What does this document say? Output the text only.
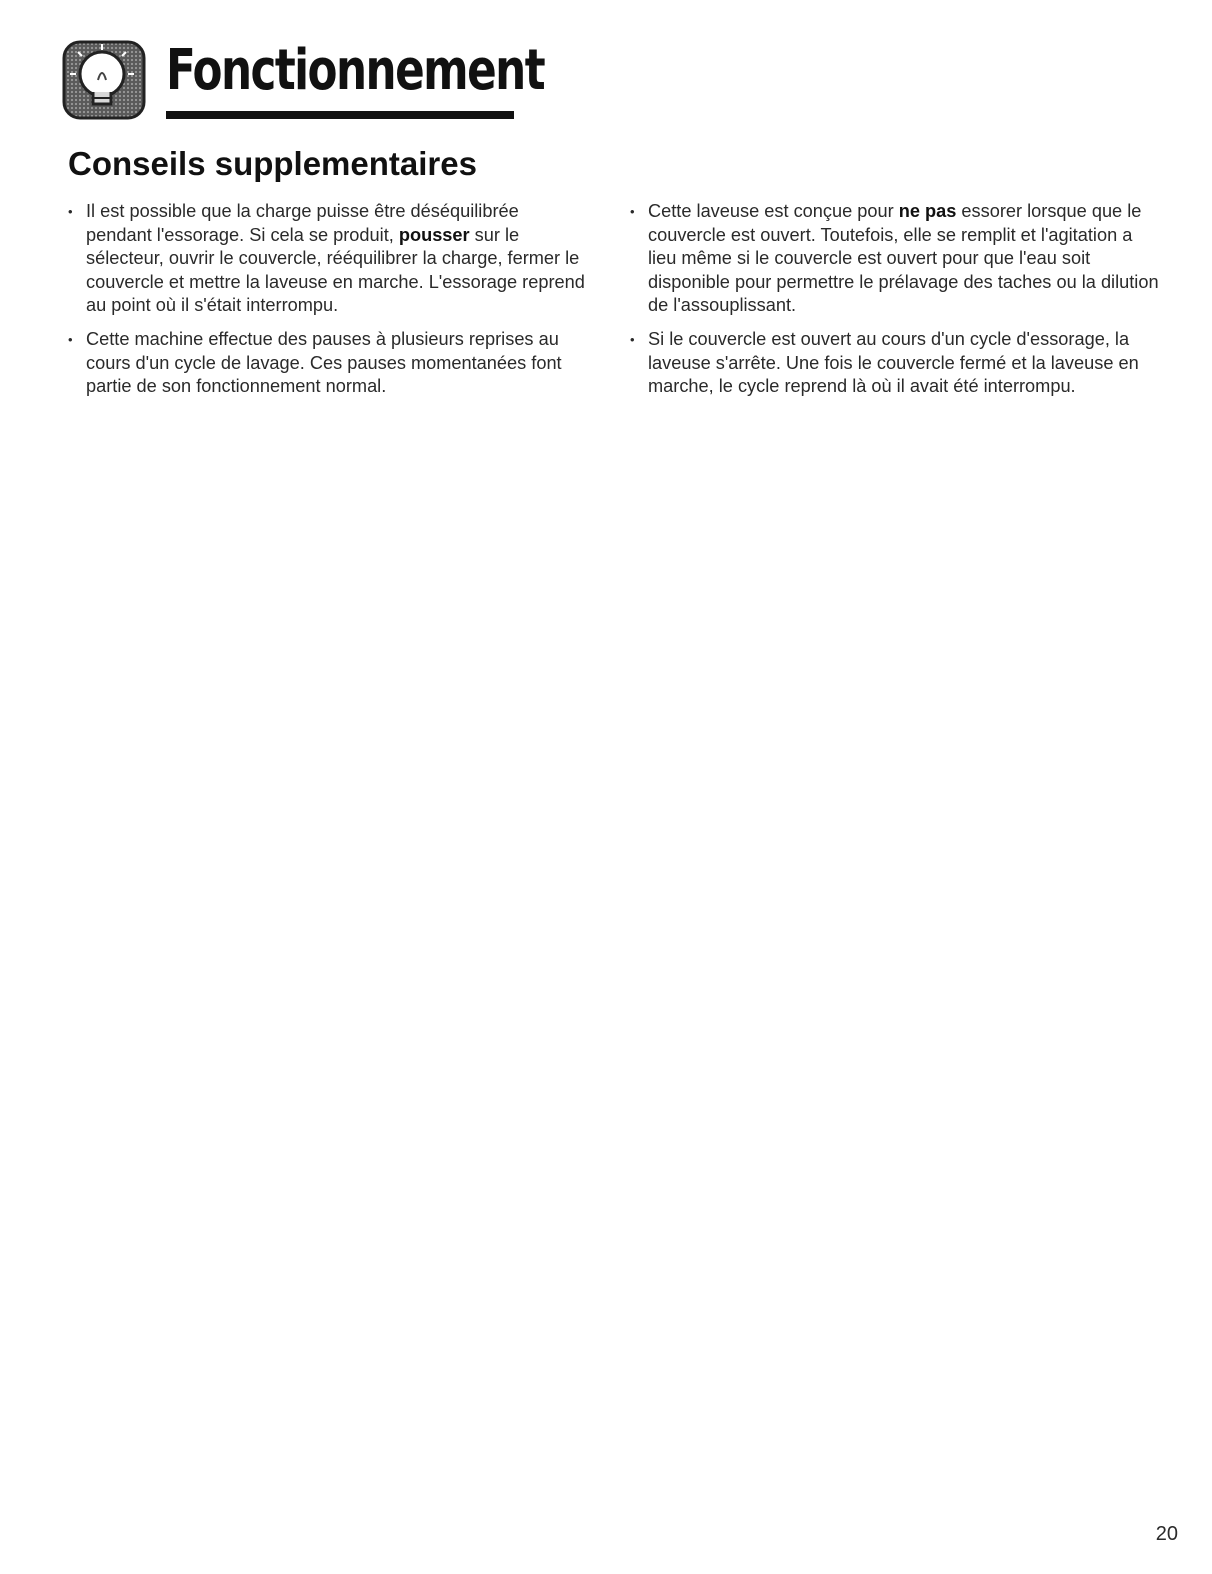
Fonctionnement
Conseils supplementaires
• Il est possible que la charge puisse être déséquilibrée pendant l'essorage. Si cela se produit, pousser sur le sélecteur, ouvrir le couvercle, rééquilibrer la charge, fermer le couvercle et mettre la laveuse en marche. L'essorage reprend au point où il s'était interrompu.
• Cette machine effectue des pauses à plusieurs reprises au cours d'un cycle de lavage. Ces pauses momentanées font partie de son fonctionnement normal.
• Cette laveuse est conçue pour ne pas essorer lorsque que le couvercle est ouvert. Toutefois, elle se remplit et l'agitation a lieu même si le couvercle est ouvert pour que l'eau soit disponible pour permettre le prélavage des taches ou la dilution de l'assouplissant.
• Si le couvercle est ouvert au cours d'un cycle d'essorage, la laveuse s'arrête. Une fois le couvercle fermé et la laveuse en marche, le cycle reprend là où il avait été interrompu.
20
